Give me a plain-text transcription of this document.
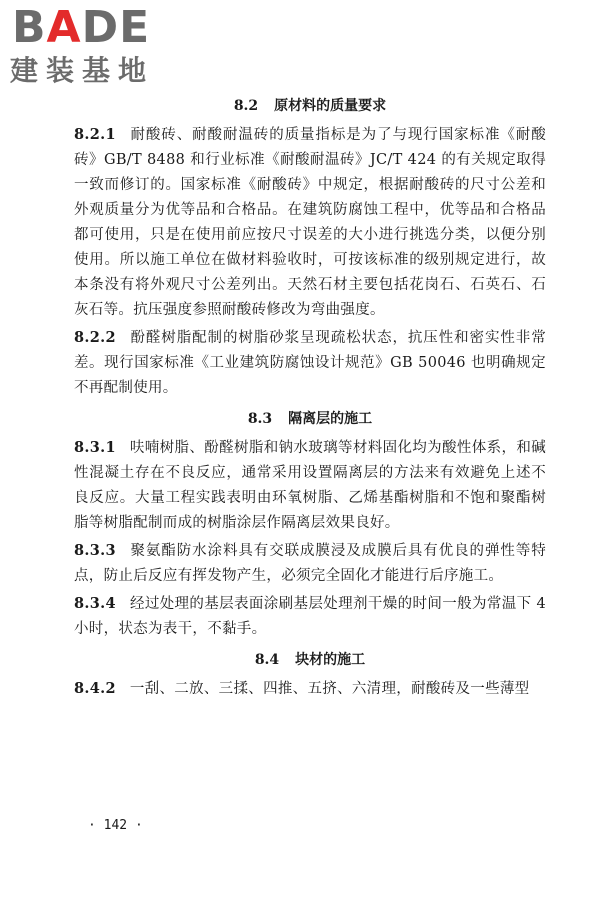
BADE
建装基地
8.2 原材料的质量要求

8.2.1 耐酸砖、耐酸耐温砖的质量指标是为了与现行国家标准《耐酸砖》GB/T 8488 和行业标准《耐酸耐温砖》JC/T 424 的有关规定取得一致而修订的。国家标准《耐酸砖》中规定，根据耐酸砖的尺寸公差和外观质量分为优等品和合格品。在建筑防腐蚀工程中，优等品和合格品都可使用，只是在使用前应按尺寸误差的大小进行挑选分类，以便分别使用。所以施工单位在做材料验收时，可按该标准的级别规定进行，故本条没有将外观尺寸公差列出。天然石材主要包括花岗石、石英石、石灰石等。抗压强度参照耐酸砖修改为弯曲强度。

8.2.2 酚醛树脂配制的树脂砂浆呈现疏松状态，抗压性和密实性非常差。现行国家标准《工业建筑防腐蚀设计规范》GB 50046 也明确规定不再配制使用。

8.3 隔离层的施工

8.3.1 呋喃树脂、酚醛树脂和钠水玻璃等材料固化均为酸性体系，和碱性混凝土存在不良反应，通常采用设置隔离层的方法来有效避免上述不良反应。大量工程实践表明由环氧树脂、乙烯基酯树脂和不饱和聚酯树脂等树脂配制而成的树脂涂层作隔离层效果良好。

8.3.3 聚氨酯防水涂料具有交联成膜浸及成膜后具有优良的弹性等特点，防止后反应有挥发物产生，必须完全固化才能进行后序施工。

8.3.4 经过处理的基层表面涂刷基层处理剂干燥的时间一般为常温下 4 小时，状态为表干，不黏手。

8.4 块材的施工

8.4.2 一刮、二放、三揉、四推、五挤、六清理，耐酸砖及一些薄型

· 142 ·
